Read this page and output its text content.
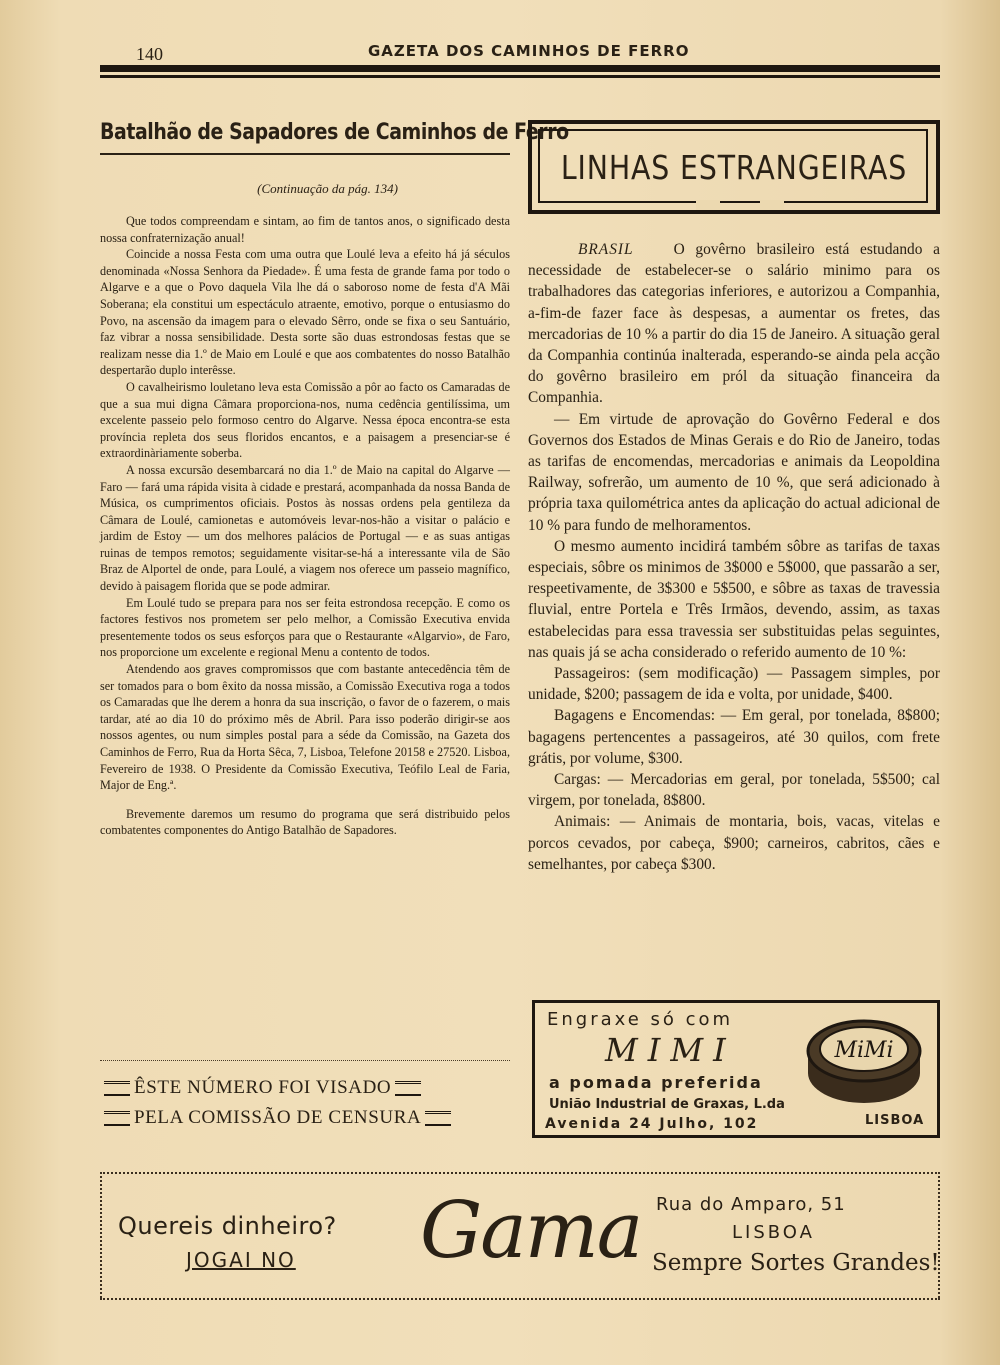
140	GAZETA DOS CAMINHOS DE FERRO
Batalhão de Sapadores de Caminhos de Ferro
(Continuação da pág. 134)

Que todos compreendam e sintam, ao fim de tantos anos, o significado desta nossa confraternização anual!

Coincide a nossa Festa com uma outra que Loulé leva a efeito há já séculos denominada «Nossa Senhora da Piedade». É uma festa de grande fama por todo o Algarve e a que o Povo daquela Vila lhe dá o saboroso nome de festa d'A Mãi Soberana; ela constitui um espectáculo atraente, emotivo, porque o entusiasmo do Povo, na ascensão da imagem para o elevado Sêrro, onde se fixa o seu Santuário, faz vibrar a nossa sensibilidade. Desta sorte são duas estrondosas festas que se realizam nesse dia 1.º de Maio em Loulé e que aos combatentes do nosso Batalhão despertarão duplo interêsse.

O cavalheirismo louletano leva esta Comissão a pôr ao facto os Camaradas de que a sua mui digna Câmara proporciona-nos, numa cedência gentilíssima, um excelente passeio pelo formoso centro do Algarve. Nessa época encontra-se esta província repleta dos seus floridos encantos, e a paisagem a presenciar-se é extraordinàriamente soberba.

A nossa excursão desembarcará no dia 1.º de Maio na capital do Algarve — Faro — fará uma rápida visita à cidade e prestará, acompanhada da nossa Banda de Música, os cumprimentos oficiais. Postos às nossas ordens pela gentileza da Câmara de Loulé, camionetas e automóveis levar-nos-hão a visitar o palácio e jardim de Estoy — um dos melhores palácios de Portugal — e as suas antigas ruinas de tempos remotos; seguidamente visitar-se-há a interessante vila de São Braz de Alportel de onde, para Loulé, a viagem nos oferece um passeio magnífico, devido à paisagem florida que se pode admirar.

Em Loulé tudo se prepara para nos ser feita estrondosa recepção. E como os factores festivos nos prometem ser pelo melhor, a Comissão Executiva envida presentemente todos os seus esforços para que o Restaurante «Algarvio», de Faro, nos proporcione um excelente e regional Menu a contento de todos.

Atendendo aos graves compromissos que com bastante antecedência têm de ser tomados para o bom êxito da nossa missão, a Comissão Executiva roga a todos os Camaradas que lhe derem a honra da sua inscrição, o favor de o fazerem, o mais tardar, até ao dia 10 do próximo mês de Abril. Para isso poderão dirigir-se aos nossos agentes, ou num simples postal para a séde da Comissão, na Gazeta dos Caminhos de Ferro, Rua da Horta Sêca, 7, Lisboa, Telefone 20158 e 27520. Lisboa, Fevereiro de 1938. O Presidente da Comissão Executiva, Teófilo Leal de Faria, Major de Eng.ª.

Brevemente daremos um resumo do programa que será distribuido pelos combatentes componentes do Antigo Batalhão de Sapadores.

ÊSTE NÚMERO FOI VISADO
PELA COMISSÃO DE CENSURA
LINHAS ESTRANGEIRAS

BRASIL	O govêrno brasileiro está estudando a necessidade de estabelecer-se o salário minimo para os trabalhadores das categorias inferiores, e autorizou a Companhia, a-fim-de fazer face às despesas, a aumentar os fretes, das mercadorias de 10 % a partir do dia 15 de Janeiro. A situação geral da Companhia continúa inalterada, esperando-se ainda pela acção do govêrno brasileiro em pról da situação financeira da Companhia.

— Em virtude de aprovação do Govêrno Federal e dos Governos dos Estados de Minas Gerais e do Rio de Janeiro, todas as tarifas de encomendas, mercadorias e animais da Leopoldina Railway, sofrerão, um aumento de 10 %, que será adicionado à própria taxa quilométrica antes da aplicação do actual adicional de 10 % para fundo de melhoramentos.

O mesmo aumento incidirá também sôbre as tarifas de taxas especiais, sôbre os minimos de 3$000 e 5$000, que passarão a ser, respeetivamente, de 3$300 e 5$500, e sôbre as taxas de travessia fluvial, entre Portela e Três Irmãos, devendo, assim, as taxas estabelecidas para essa travessia ser substituidas pelas seguintes, nas quais já se acha considerado o referido aumento de 10 %:

Passageiros: (sem modificação) — Passagem simples, por unidade, $200; passagem de ida e volta, por unidade, $400.

Bagagens e Encomendas: — Em geral, por tonelada, 8$800; bagagens pertencentes a passageiros, até 30 quilos, com frete grátis, por volume, $300.

Cargas: — Mercadorias em geral, por tonelada, 5$500; cal virgem, por tonelada, 8$800.

Animais: — Animais de montaria, bois, vacas, vitelas e porcos cevados, por cabeça, $900; carneiros, cabritos, cães e semelhantes, por cabeça $300.

Engraxe só com
MIMI
a pomada preferida
União Industrial de Graxas, L.da
Avenida 24 Julho, 102	LISBOA
MiMi
Quereis dinheiro?
JOGAI NO Gama Rua do Amparo, 51
LISBOA
Sempre Sortes Grandes!
